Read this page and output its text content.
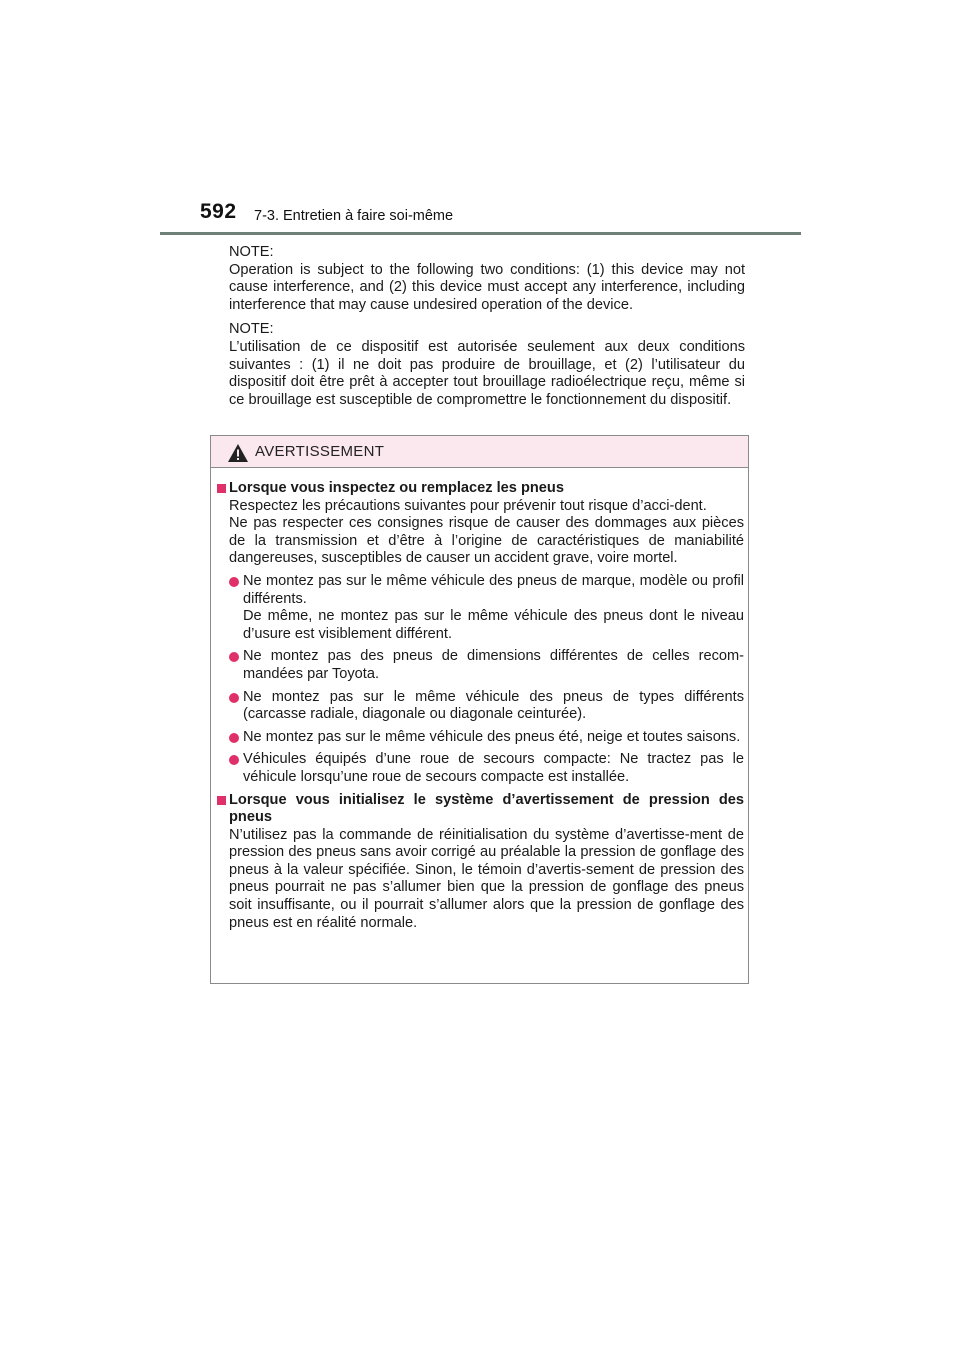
592 7-3. Entretien à faire soi-même

NOTE:
Operation is subject to the following two conditions: (1) this device may not cause interference, and (2) this device must accept any interference, including interference that may cause undesired operation of the device.

NOTE:
L’utilisation de ce dispositif est autorisée seulement aux deux conditions suivantes : (1) il ne doit pas produire de brouillage, et (2) l’utilisateur du dispositif doit être prêt à accepter tout brouillage radioélectrique reçu, même si ce brouillage est susceptible de compromettre le fonctionnement du dispositif.

AVERTISSEMENT
Lorsque vous inspectez ou remplacez les pneus

Respectez les précautions suivantes pour prévenir tout risque d’acci-dent.

Ne pas respecter ces consignes risque de causer des dommages aux pièces de la transmission et d’être à l’origine de caractéristiques de maniabilité dangereuses, susceptibles de causer un accident grave, voire mortel.

Ne montez pas sur le même véhicule des pneus de marque, modèle ou profil différents.

De même, ne montez pas sur le même véhicule des pneus dont le niveau d’usure est visiblement différent.

Ne montez pas des pneus de dimensions différentes de celles recom-mandées par Toyota.

Ne montez pas sur le même véhicule des pneus de types différents (carcasse radiale, diagonale ou diagonale ceinturée).

Ne montez pas sur le même véhicule des pneus été, neige et toutes saisons.

Véhicules équipés d’une roue de secours compacte: Ne tractez pas le véhicule lorsqu’une roue de secours compacte est installée.

Lorsque vous initialisez le système d’avertissement de pression des pneus

N’utilisez pas la commande de réinitialisation du système d’avertisse-ment de pression des pneus sans avoir corrigé au préalable la pression de gonflage des pneus à la valeur spécifiée. Sinon, le témoin d’avertis-sement de pression des pneus pourrait ne pas s’allumer bien que la pression de gonflage des pneus soit insuffisante, ou il pourrait s’allumer alors que la pression de gonflage des pneus est en réalité normale.
